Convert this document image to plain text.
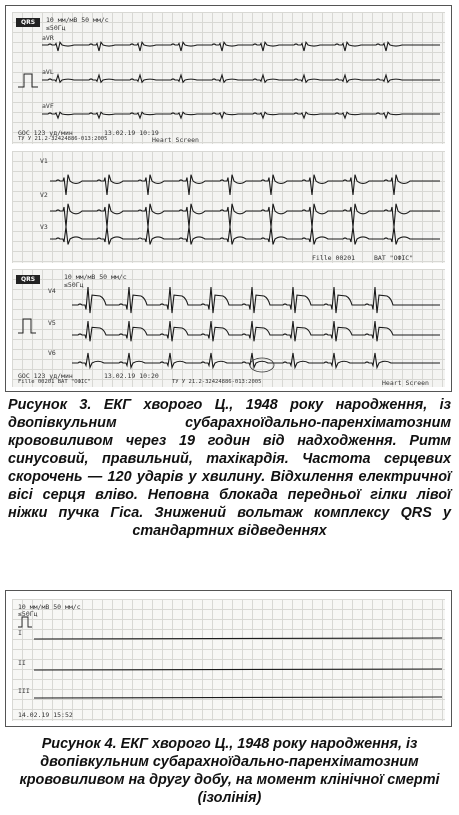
QRS	10 мм/мВ 50 мм/с
≤50Гц
aVR
aVL
aVF
GOC 123 уд/мин	13.02.19 10:19
ТУ У 21.2-32424886-013:2005	Heart Screen
V1
V2
V3
Fille 00201	BAT "ОФІС"
QRS	10 мм/мВ 50 мм/с
≤50Гц
V4
V5
V6
GOC 123 уд/мин	13.02.19 10:20
Fille 00201 BAT "ОФІС"	ТУ У 21.2-32424886-013:2005	Heart Screen

Рисунок 3. ЕКГ хворого Ц., 1948 року народження, із двопівкульним субарахноїдально-паренхіматозним крововиливом через 19 годин від надходження. Ритм синусовий, правильний, тахікардія. Частота серцевих скорочень — 120 ударів у хвилину. Відхилення електричної вісі серця вліво. Неповна блокада передньої гілки лівої ніжки пучка Гіса. Знижений вольтаж комплексу QRS у стандартних відведеннях

10 мм/мВ 50 мм/с
≤50Гц
I
II
III
14.02.19 15:52

Рисунок 4. ЕКГ хворого Ц., 1948 року народження, із двопівкульним субарахноїдально-паренхіматозним крововиливом на другу добу, на момент клінічної смерті (ізолінія)
